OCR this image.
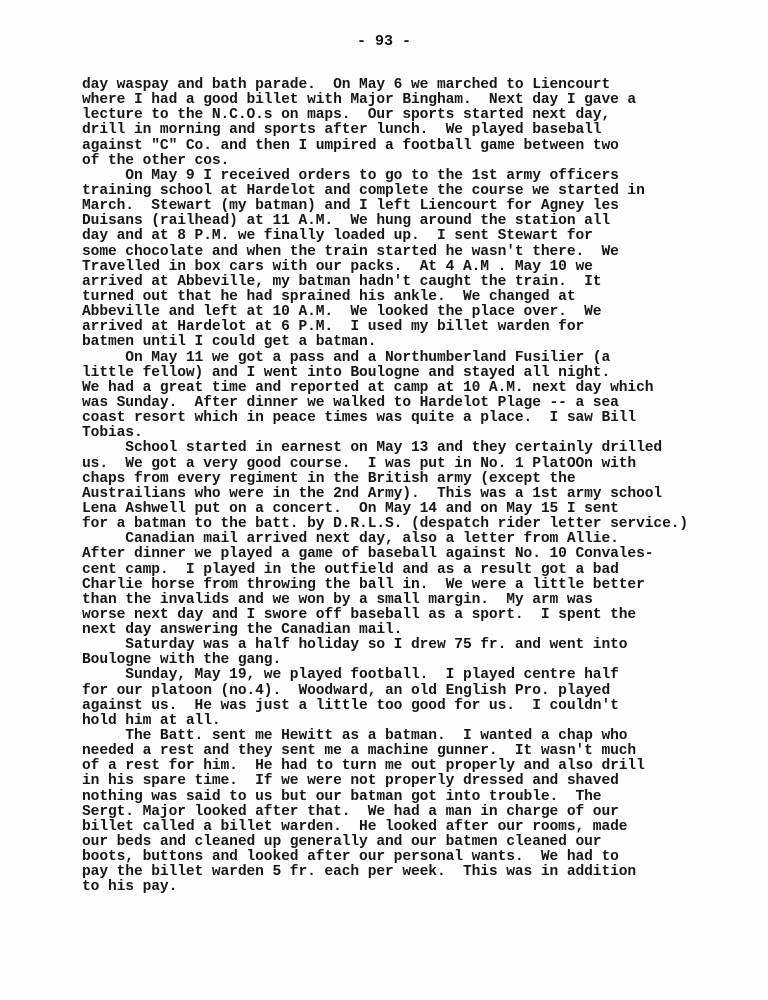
- 93 -
day waspay and bath parade.  On May 6 we marched to Liencourt
where I had a good billet with Major Bingham.  Next day I gave a
lecture to the N.C.O.s on maps.  Our sports started next day,
drill in morning and sports after lunch.  We played baseball
against "C" Co. and then I umpired a football game between two
of the other cos.
On May 9 I received orders to go to the 1st army officers
training school at Hardelot and complete the course we started in
March.  Stewart (my batman) and I left Liencourt for Agney les
Duisans (railhead) at 11 A.M.  We hung around the station all
day and at 8 P.M. we finally loaded up.  I sent Stewart for
some chocolate and when the train started he wasn't there.  We
Travelled in box cars with our packs.  At 4 A.M . May 10 we
arrived at Abbeville, my batman hadn't caught the train.  It
turned out that he had sprained his ankle.  We changed at
Abbeville and left at 10 A.M.  We looked the place over.  We
arrived at Hardelot at 6 P.M.  I used my billet warden for
batmen until I could get a batman.
On May 11 we got a pass and a Northumberland Fusilier (a
little fellow) and I went into Boulogne and stayed all night.
We had a great time and reported at camp at 10 A.M. next day which
was Sunday.  After dinner we walked to Hardelot Plage -- a sea
coast resort which in peace times was quite a place.  I saw Bill
Tobias.
School started in earnest on May 13 and they certainly drilled
us.  We got a very good course.  I was put in No. 1 PlatOOn with
chaps from every regiment in the British army (except the
Austrailians who were in the 2nd Army).  This was a 1st army school
Lena Ashwell put on a concert.  On May 14 and on May 15 I sent
for a batman to the batt. by D.R.L.S. (despatch rider letter service.)
Canadian mail arrived next day, also a letter from Allie.
After dinner we played a game of baseball against No. 10 Convales-
cent camp.  I played in the outfield and as a result got a bad
Charlie horse from throwing the ball in.  We were a little better
than the invalids and we won by a small margin.  My arm was
worse next day and I swore off baseball as a sport.  I spent the
next day answering the Canadian mail.
Saturday was a half holiday so I drew 75 fr. and went into
Boulogne with the gang.
Sunday, May 19, we played football.  I played centre half
for our platoon (no.4).  Woodward, an old English Pro. played
against us.  He was just a little too good for us.  I couldn't
hold him at all.
The Batt. sent me Hewitt as a batman.  I wanted a chap who
needed a rest and they sent me a machine gunner.  It wasn't much
of a rest for him.  He had to turn me out properly and also drill
in his spare time.  If we were not properly dressed and shaved
nothing was said to us but our batman got into trouble.  The
Sergt. Major looked after that.  We had a man in charge of our
billet called a billet warden.  He looked after our rooms, made
our beds and cleaned up generally and our batmen cleaned our
boots, buttons and looked after our personal wants.  We had to
pay the billet warden 5 fr. each per week.  This was in addition
to his pay.
